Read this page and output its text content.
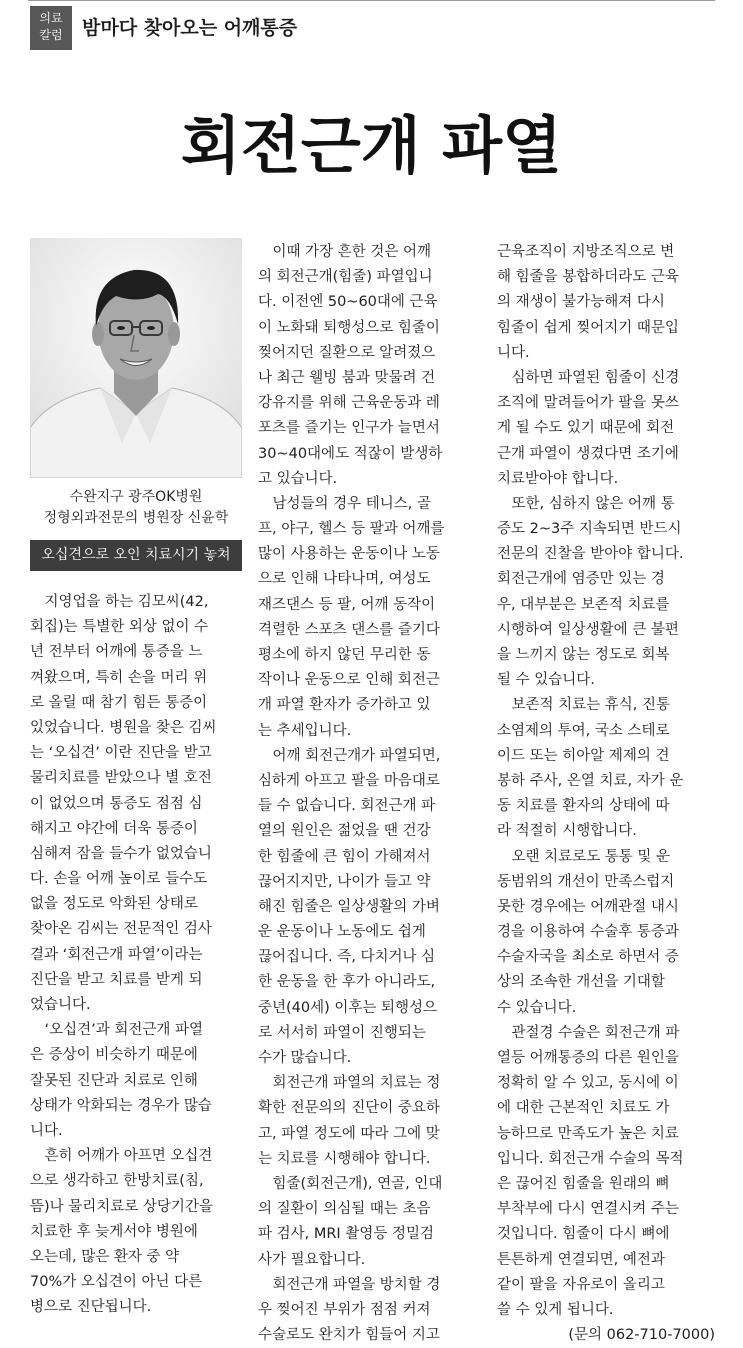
의료
칼럼	밤마다 찾아오는 어깨통증
회전근개 파열
수완지구 광주OK병원
정형외과전문의 병원장 신윤학
오십견으로 오인 치료시기 놓쳐
　지영업을 하는 김모씨(42,
회집)는 특별한 외상 없이 수
년 전부터 어깨에 통증을 느
껴왔으며, 특히 손을 머리 위
로 올릴 때 참기 힘든 통증이
있었습니다. 병원을 찾은 김씨
는 ‘오십견’ 이란 진단을 받고
물리치료를 받았으나 별 호전
이 없었으며 통증도 점점 심
해지고 야간에 더욱 통증이
심해져 잠을 들수가 없었습니
다. 손을 어깨 높이로 들수도
없을 정도로 악화된 상태로
찾아온 김씨는 전문적인 검사
결과 ‘회전근개 파열’이라는
진단을 받고 치료를 받게 되
었습니다.
　‘오십견’과 회전근개 파열
은 증상이 비슷하기 때문에
잘못된 진단과 치료로 인해
상태가 악화되는 경우가 많습
니다.
　흔히 어깨가 아프면 오십견
으로 생각하고 한방치료(침,
뜸)나 물리치료로 상당기간을
치료한 후 늦게서야 병원에
오는데, 많은 환자 중 약
70%가 오십견이 아닌 다른
병으로 진단됩니다.
　이때 가장 흔한 것은 어깨
의 회전근개(힘줄) 파열입니
다. 이전엔 50~60대에 근육
이 노화돼 퇴행성으로 힘줄이
찢어지던 질환으로 알려졌으
나 최근 웰빙 붐과 맞물려 건
강유지를 위해 근육운동과 레
포츠를 즐기는 인구가 늘면서
30~40대에도 적잖이 발생하
고 있습니다.
　남성들의 경우 테니스, 골
프, 야구, 헬스 등 팔과 어깨를
많이 사용하는 운동이나 노동
으로 인해 나타나며, 여성도
재즈댄스 등 팔, 어깨 동작이
격렬한 스포츠 댄스를 즐기다
평소에 하지 않던 무리한 동
작이나 운동으로 인해 회전근
개 파열 환자가 증가하고 있
는 추세입니다.
　어깨 회전근개가 파열되면,
심하게 아프고 팔을 마음대로
들 수 없습니다. 회전근개 파
열의 원인은 젊었을 땐 건강
한 힘줄에 큰 힘이 가해져서
끊어지지만, 나이가 들고 약
해진 힘줄은 일상생활의 가벼
운 운동이나 노동에도 쉽게
끊어집니다. 즉, 다치거나 심
한 운동을 한 후가 아니라도,
중년(40세) 이후는 퇴행성으
로 서서히 파열이 진행되는
수가 많습니다.
　회전근개 파열의 치료는 정
확한 전문의의 진단이 중요하
고, 파열 정도에 따라 그에 맞
는 치료를 시행해야 합니다.
　힘줄(회전근개), 연골, 인대
의 질환이 의심될 때는 초음
파 검사, MRI 촬영등 정밀검
사가 필요합니다.
　회전근개 파열을 방치할 경
우 찢어진 부위가 점점 커져
수술로도 완치가 힘들어 지고
근육조직이 지방조직으로 변
해 힘줄을 봉합하더라도 근육
의 재생이 불가능해져 다시
힘줄이 쉽게 찢어지기 때문입
니다.
　심하면 파열된 힘줄이 신경
조직에 말려들어가 팔을 못쓰
게 될 수도 있기 때문에 회전
근개 파열이 생겼다면 조기에
치료받아야 합니다.
　또한, 심하지 않은 어깨 통
증도 2~3주 지속되면 반드시
전문의 진찰을 받아야 합니다.
회전근개에 염증만 있는 경
우, 대부분은 보존적 치료를
시행하여 일상생활에 큰 불편
을 느끼지 않는 정도로 회복
될 수 있습니다.
　보존적 치료는 휴식, 진통
소염제의 투여, 국소 스테로
이드 또는 히아알 제제의 견
봉하 주사, 온열 치료, 자가 운
동 치료를 환자의 상태에 따
라 적절히 시행합니다.
　오랜 치료로도 통통 및 운
동범위의 개선이 만족스럽지
못한 경우에는 어깨관절 내시
경을 이용하여 수술후 통증과
수술자국을 최소로 하면서 증
상의 조속한 개선을 기대할
수 있습니다.
　관절경 수술은 회전근개 파
열등 어깨통증의 다른 원인을
정확히 알 수 있고, 동시에 이
에 대한 근본적인 치료도 가
능하므로 만족도가 높은 치료
입니다. 회전근개 수술의 목적
은 끊어진 힘줄을 원래의 뼈
부착부에 다시 연결시켜 주는
것입니다. 힘줄이 다시 뼈에
튼튼하게 연결되면, 예전과
같이 팔을 자유로이 올리고
쓸 수 있게 됩니다.
(문의 062-710-7000)
